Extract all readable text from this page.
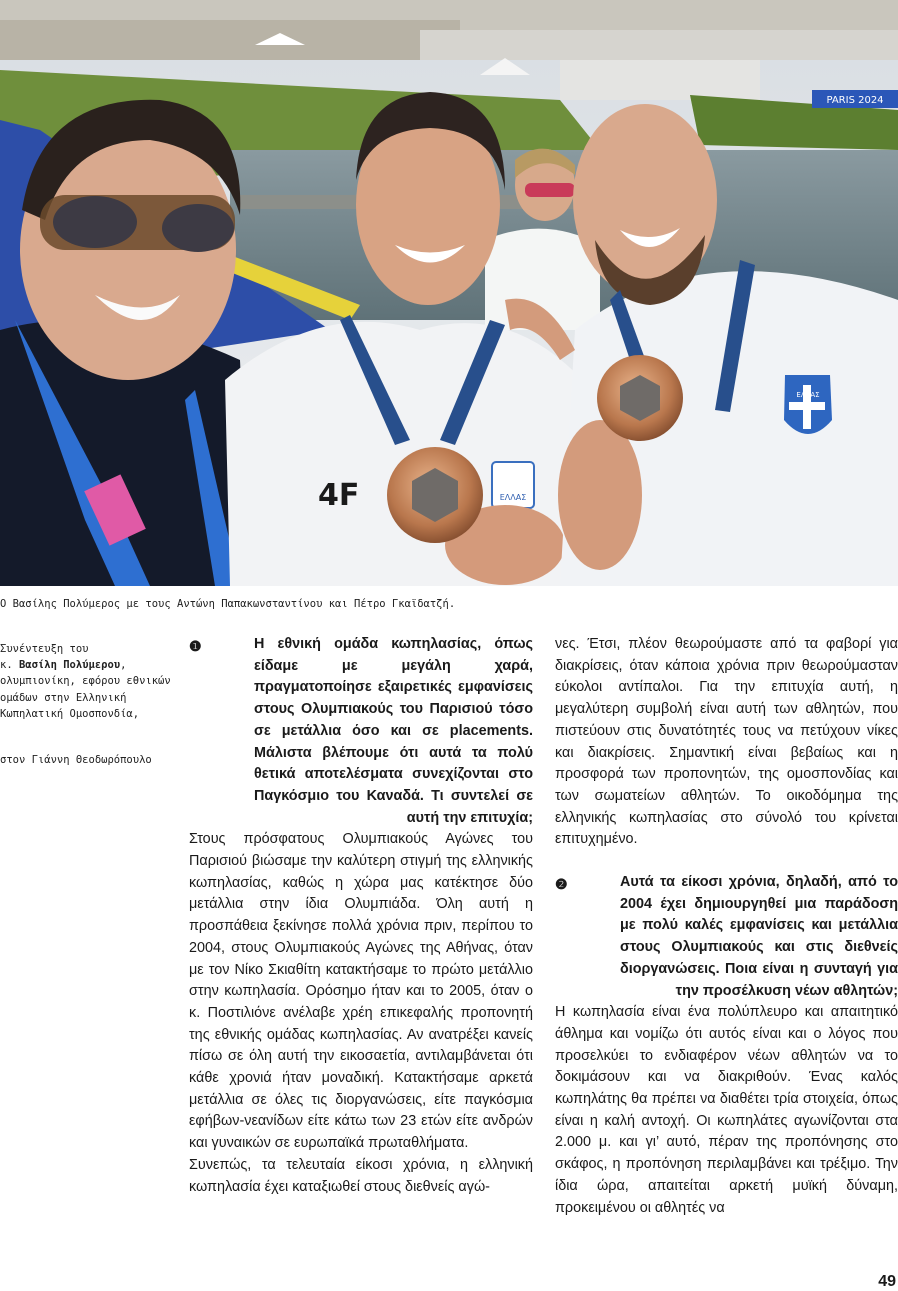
PARIS 2024
4F	ΕΛΛΑΣ
ΕΛΛΑΣ
Ο Βασίλης Πολύμερος με τους Αντώνη Παπακωνσταντίνου και Πέτρο Γκαϊδατζή.
Συνέντευξη του
κ. Βασίλη Πολύμερου,
ολυμπιονίκη, εφόρου εθνικών ομάδων στην Ελληνική Κωπηλατική Ομοσπονδία,
στον Γιάννη Θεοδωρόπουλο
❶	Η εθνική ομάδα κωπηλασίας, όπως είδαμε με μεγάλη χαρά, πραγματοποίησε εξαιρετικές εμφανίσεις στους Ολυμπιακούς του Παρισιού τόσο σε μετάλλια όσο και σε placements. Μάλιστα βλέπουμε ότι αυτά τα πολύ θετικά αποτελέσματα συνεχίζονται στο Παγκόσμιο του Καναδά. Τι συντελεί σε αυτή την επιτυχία;

Στους πρόσφατους Ολυμπιακούς Αγώνες του Παρισιού βιώσαμε την καλύτερη στιγμή της ελληνικής κωπηλασίας, καθώς η χώρα μας κατέκτησε δύο μετάλλια στην ίδια Ολυμπιάδα. Όλη αυτή η προσπάθεια ξεκίνησε πολλά χρόνια πριν, περίπου το 2004, στους Ολυμπιακούς Αγώνες της Αθήνας, όταν με τον Νίκο Σκιαθίτη κατακτήσαμε το πρώτο μετάλλιο στην κωπηλασία. Ορόσημο ήταν και το 2005, όταν ο κ. Ποστιλιόνε ανέλαβε χρέη επικεφαλής προπονητή της εθνικής ομάδας κωπηλασίας. Αν ανατρέξει κανείς πίσω σε όλη αυτή την εικοσαετία, αντιλαμβάνεται ότι κάθε χρονιά ήταν μοναδική. Κατακτήσαμε αρκετά μετάλλια σε όλες τις διοργανώσεις, είτε παγκόσμια εφήβων-νεανίδων είτε κάτω των 23 ετών είτε ανδρών και γυναικών σε ευρωπαϊκά πρωταθλήματα.

Συνεπώς, τα τελευταία είκοσι χρόνια, η ελληνική κωπηλασία έχει καταξιωθεί στους διεθνείς αγώ-

νες. Έτσι, πλέον θεωρούμαστε από τα φαβορί για διακρίσεις, όταν κάποια χρόνια πριν θεωρούμασταν εύκολοι αντίπαλοι. Για την επιτυχία αυτή, η μεγαλύτερη συμβολή είναι αυτή των αθλητών, που πιστεύουν στις δυνατότητές τους να πετύχουν νίκες και διακρίσεις. Σημαντική είναι βεβαίως και η προσφορά των προπονητών, της ομοσπονδίας και των σωματείων αθλητών. Το οικοδόμημα της ελληνικής κωπηλασίας στο σύνολό του κρίνεται επιτυχημένο.

❷	Αυτά τα είκοσι χρόνια, δηλαδή, από το 2004 έχει δημιουργηθεί μια παράδοση με πολύ καλές εμφανίσεις και μετάλλια στους Ολυμπιακούς και στις διεθνείς διοργανώσεις. Ποια είναι η συνταγή για την προσέλκυση νέων αθλητών;

Η κωπηλασία είναι ένα πολύπλευρο και απαιτητικό άθλημα και νομίζω ότι αυτός είναι και ο λόγος που προσελκύει το ενδιαφέρον νέων αθλητών να το δοκιμάσουν και να διακριθούν. Ένας καλός κωπηλάτης θα πρέπει να διαθέτει τρία στοιχεία, όπως είναι η καλή αντοχή. Οι κωπηλάτες αγωνίζονται στα 2.000 μ. και γι’ αυτό, πέραν της προπόνησης στο σκάφος, η προπόνηση περιλαμβάνει και τρέξιμο. Την ίδια ώρα, απαιτείται αρκετή μυϊκή δύναμη, προκειμένου οι αθλητές να

49
